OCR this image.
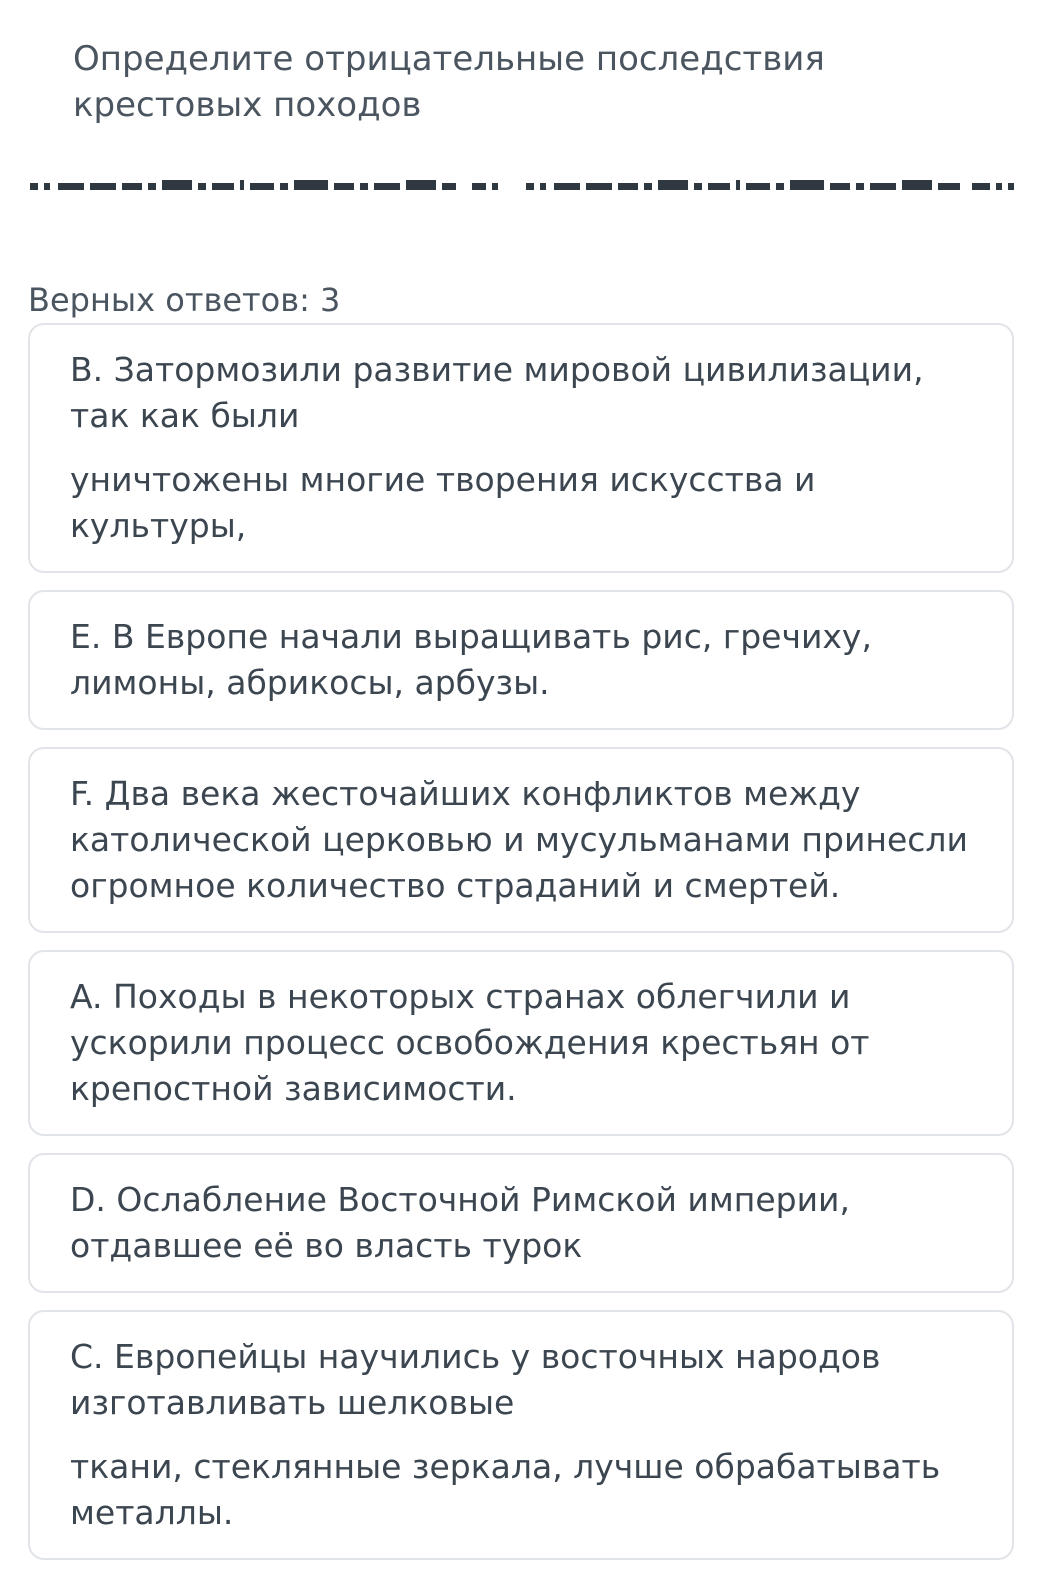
Определите отрицательные последствия крестовых походов
Верных ответов: 3

B. Затормозили развитие мировой цивилизации, так как были

уничтожены многие творения искусства и культуры,

E. В Европе начали выращивать рис, гречиху, лимоны, абрикосы, арбузы.

F. Два века жесточайших конфликтов между католической церковью и мусульманами принесли огромное количество страданий и смертей.

A. Походы в некоторых странах облегчили и ускорили процесс освобождения крестьян от крепостной зависимости.

D. Ослабление Восточной Римской империи, отдавшее её во власть турок

C. Европейцы научились у восточных народов изготавливать шелковые

ткани, стеклянные зеркала, лучше обрабатывать металлы.
